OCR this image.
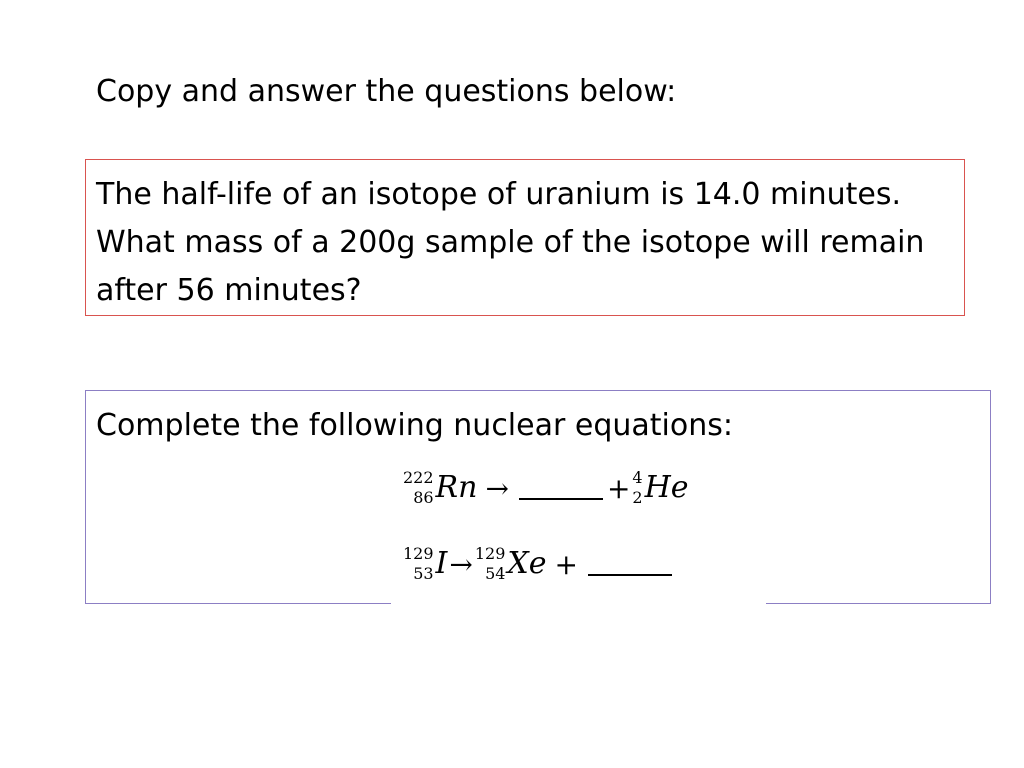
Copy and answer the questions below:
The half-life of an isotope of uranium is 14.0 minutes. What mass of a 200g sample of the isotope will remain after 56 minutes?
Complete the following nuclear equations:
222
86 Rn →	+ 4
2 He
129
53 I → 129
54 Xe +
